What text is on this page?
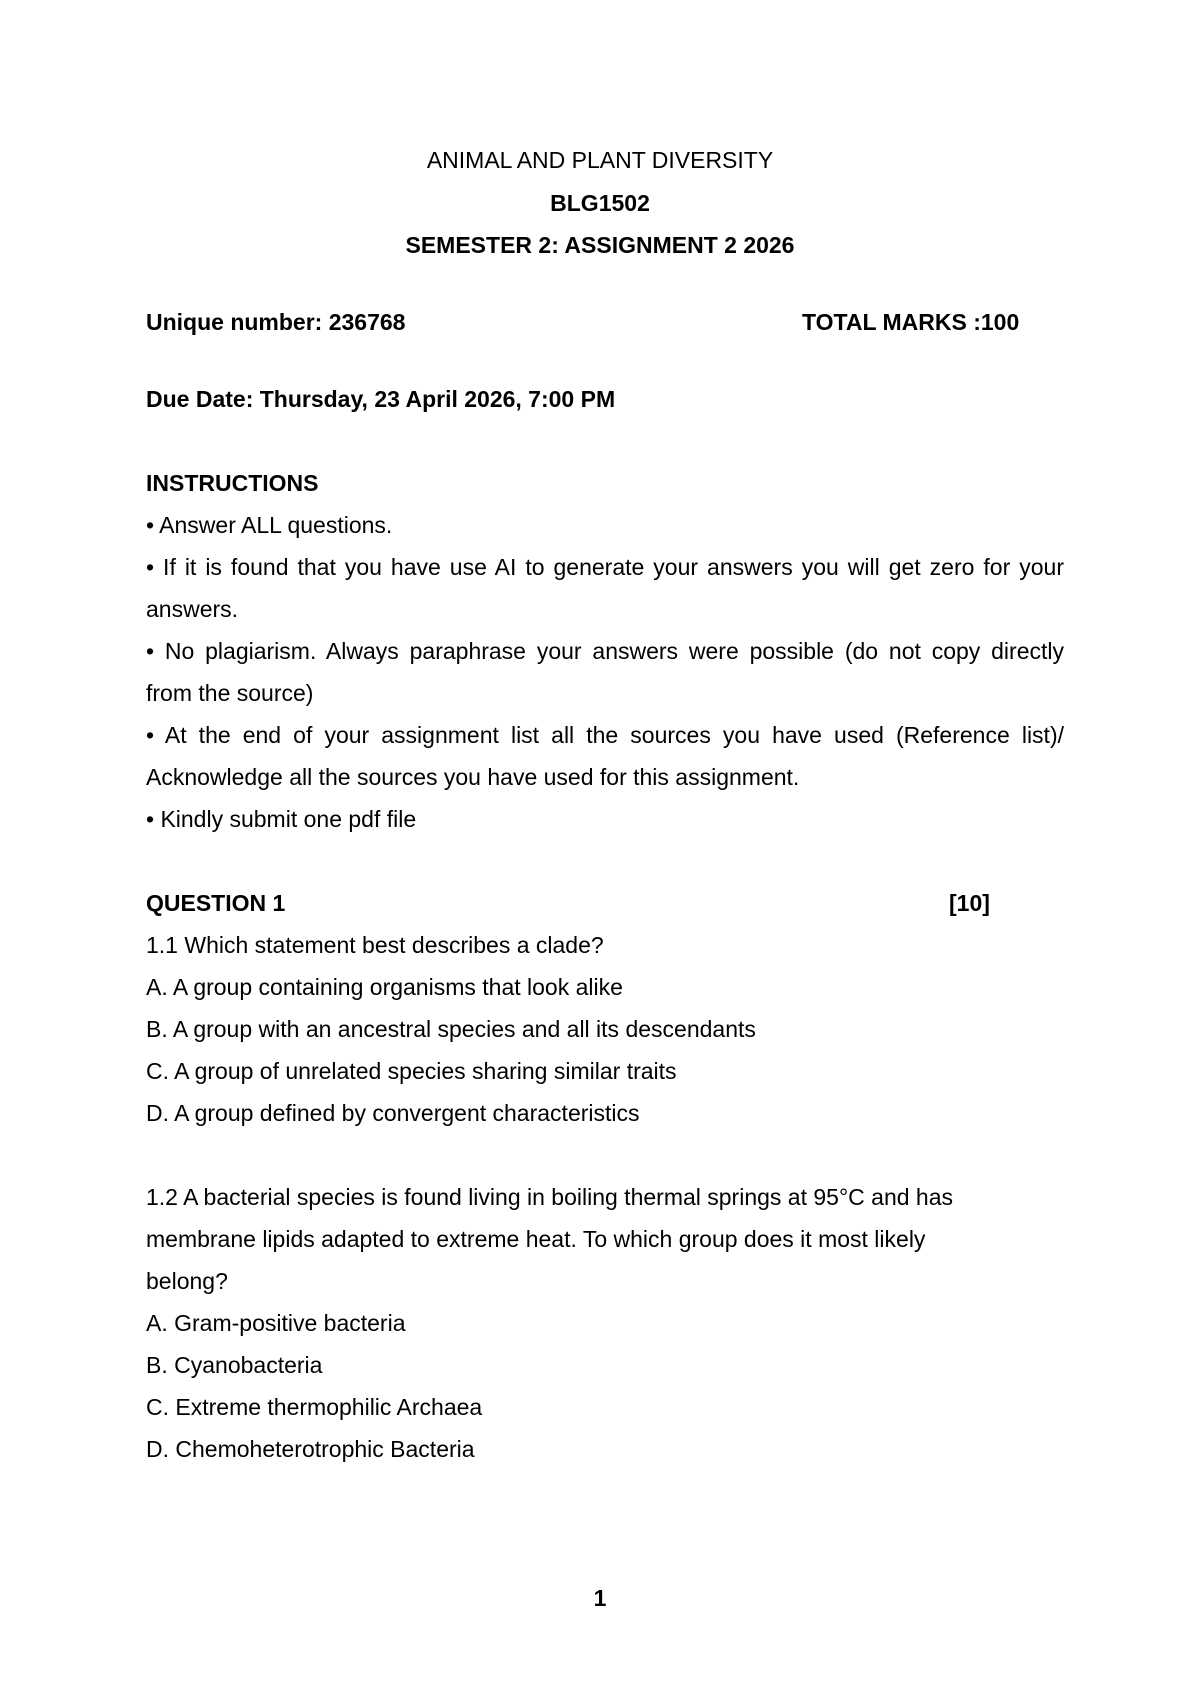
ANIMAL AND PLANT DIVERSITY
BLG1502
SEMESTER 2: ASSIGNMENT 2 2026
Unique number: 236768	TOTAL MARKS :100
Due Date: Thursday, 23 April 2026, 7:00 PM
INSTRUCTIONS
• Answer ALL questions.
• If it is found that you have use AI to generate your answers you will get zero for your
answers.
• No plagiarism. Always paraphrase your answers were possible (do not copy directly
from the source)
• At the end of your assignment list all the sources you have used (Reference list)/
Acknowledge all the sources you have used for this assignment.
• Kindly submit one pdf file
QUESTION 1	[10]
1.1 Which statement best describes a clade?
A. A group containing organisms that look alike
B. A group with an ancestral species and all its descendants
C. A group of unrelated species sharing similar traits
D. A group defined by convergent characteristics
1.2 A bacterial species is found living in boiling thermal springs at 95°C and has
membrane lipids adapted to extreme heat. To which group does it most likely
belong?
A. Gram-positive bacteria
B. Cyanobacteria
C. Extreme thermophilic Archaea
D. Chemoheterotrophic Bacteria
1
